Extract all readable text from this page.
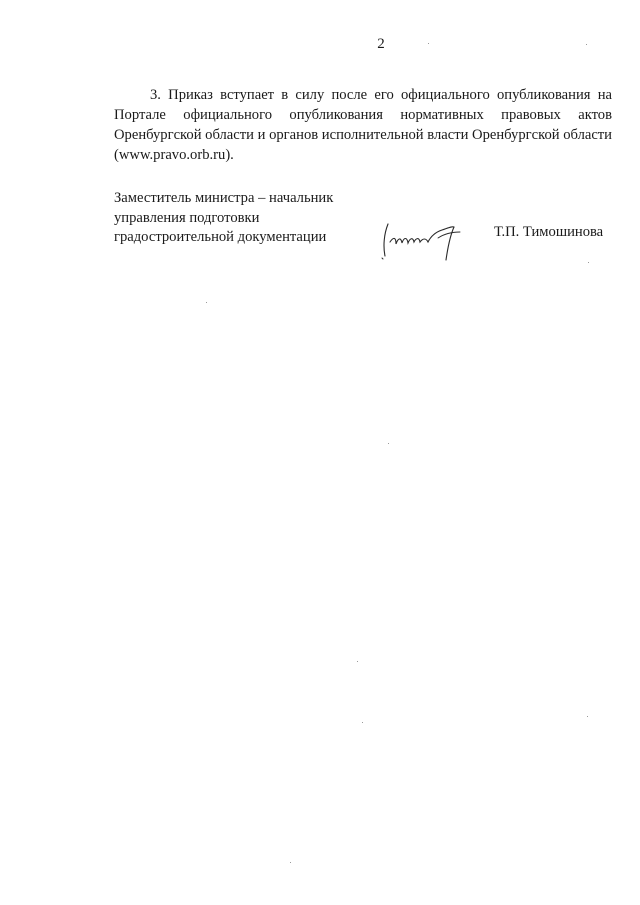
2

3. Приказ вступает в силу после его официального опубликования на Портале официального опубликования нормативных правовых актов Оренбургской области и органов исполнительной власти Оренбургской области (www.pravo.orb.ru).

Заместитель министра – начальник
управления подготовки
градостроительной документации	Т.П. Тимошинова
